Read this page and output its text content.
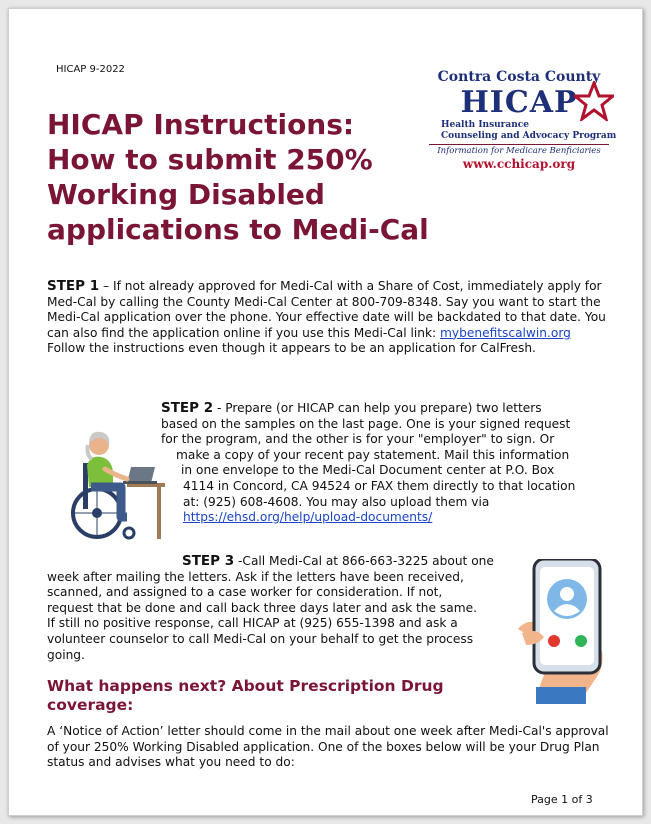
HICAP 9-2022
HICAP Instructions:
How to submit 250%
Working Disabled
applications to Medi-Cal
Contra Costa County
HICAP
Health Insurance
Counseling and Advocacy Program
Information for Medicare Benficiaries
www.cchicap.org
STEP 1 – If not already approved for Medi-Cal with a Share of Cost, immediately apply for Med-Cal by calling the County Medi-Cal Center at 800-709-8348. Say you want to start the Medi-Cal application over the phone. Your effective date will be backdated to that date. You can also find the application online if you use this Medi-Cal link: mybenefitscalwin.org Follow the instructions even though it appears to be an application for CalFresh.
STEP 2 - Prepare (or HICAP can help you prepare) two letters
based on the samples on the last page. One is your signed request
for the program, and the other is for your "employer" to sign. Or
make a copy of your recent pay statement. Mail this information
in one envelope to the Medi-Cal Document center at P.O. Box
4114 in Concord, CA 94524 or FAX them directly to that location
at: (925) 608-4608. You may also upload them via
https://ehsd.org/help/upload-documents/
STEP 3 -Call Medi-Cal at 866-663-3225 about one
week after mailing the letters. Ask if the letters have been received,
scanned, and assigned to a case worker for consideration. If not,
request that be done and call back three days later and ask the same.
If still no positive response, call HICAP at (925) 655-1398 and ask a
volunteer counselor to call Medi-Cal on your behalf to get the process
going.
What happens next? About Prescription Drug coverage:
A ‘Notice of Action’ letter should come in the mail about one week after Medi-Cal's approval of your 250% Working Disabled application. One of the boxes below will be your Drug Plan status and advises what you need to do:
Page 1 of 3
